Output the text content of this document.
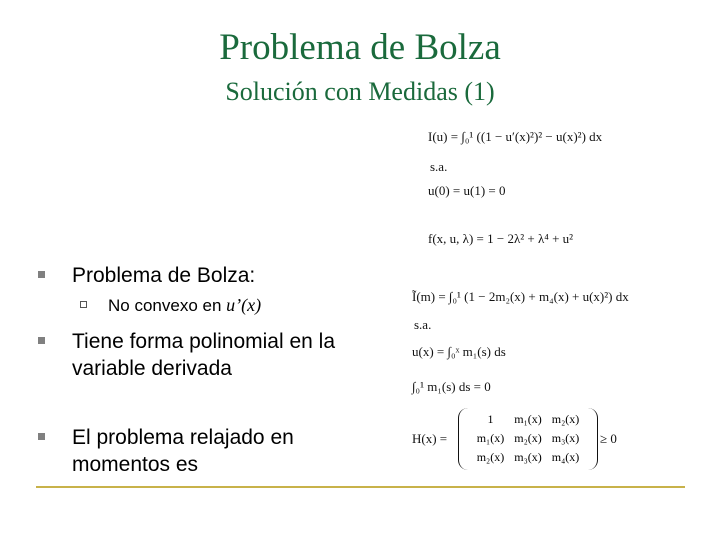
Problema de Bolza
Solución con Medidas (1)
Problema de Bolza:
No convexo en u’(x)
Tiene forma polinomial en la variable derivada
El problema relajado en momentos es
I(u) = ∫₀¹ ((1 − u′(x)²)² − u(x)²) dx
s.a.
u(0) = u(1) = 0
f(x, u, λ) = 1 − 2λ² + λ⁴ + u²
Ĩ(m) = ∫₀¹ (1 − 2m₂(x) + m₄(x) + u(x)²) dx
s.a.
u(x) = ∫₀ˣ m₁(s) ds
∫₀¹ m₁(s) ds = 0
H(x) =
1	m₁(x)	m₂(x)
m₁(x)	m₂(x)	m₃(x)
m₂(x)	m₃(x)	m₄(x)
≥ 0
